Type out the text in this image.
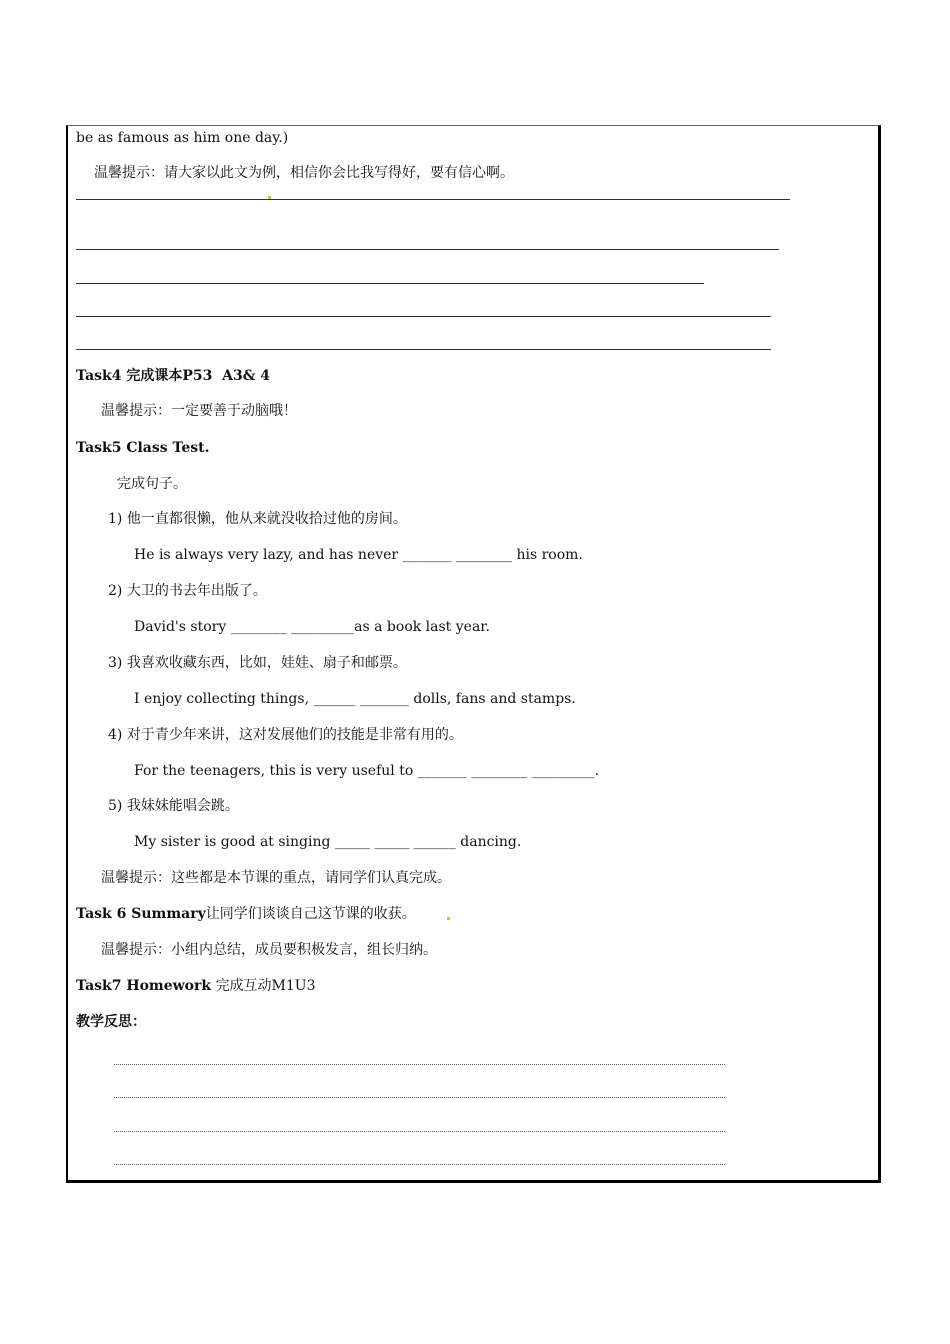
be as famous as him one day.)
温馨提示：请大家以此文为例，相信你会比我写得好，要有信心啊。
Task4 完成课本P53  A3& 4
温馨提示：一定要善于动脑哦！
Task5 Class Test.
完成句子。
1) 他一直都很懒，他从来就没收拾过他的房间。
He is always very lazy, and has never _______ ________ his room.
2) 大卫的书去年出版了。
David's story ________ _________as a book last year.
3) 我喜欢收藏东西，比如，娃娃、扇子和邮票。
I enjoy collecting things, ______ _______ dolls, fans and stamps.
4) 对于青少年来讲，这对发展他们的技能是非常有用的。
For the teenagers, this is very useful to _______ ________ _________.
5) 我妹妹能唱会跳。
My sister is good at singing _____ _____ ______ dancing.
温馨提示：这些都是本节课的重点，请同学们认真完成。
Task 6 Summary让同学们谈谈自己这节课的收获。
温馨提示：小组内总结，成员要积极发言，组长归纳。
Task7 Homework 完成互动M1U3
教学反思：
